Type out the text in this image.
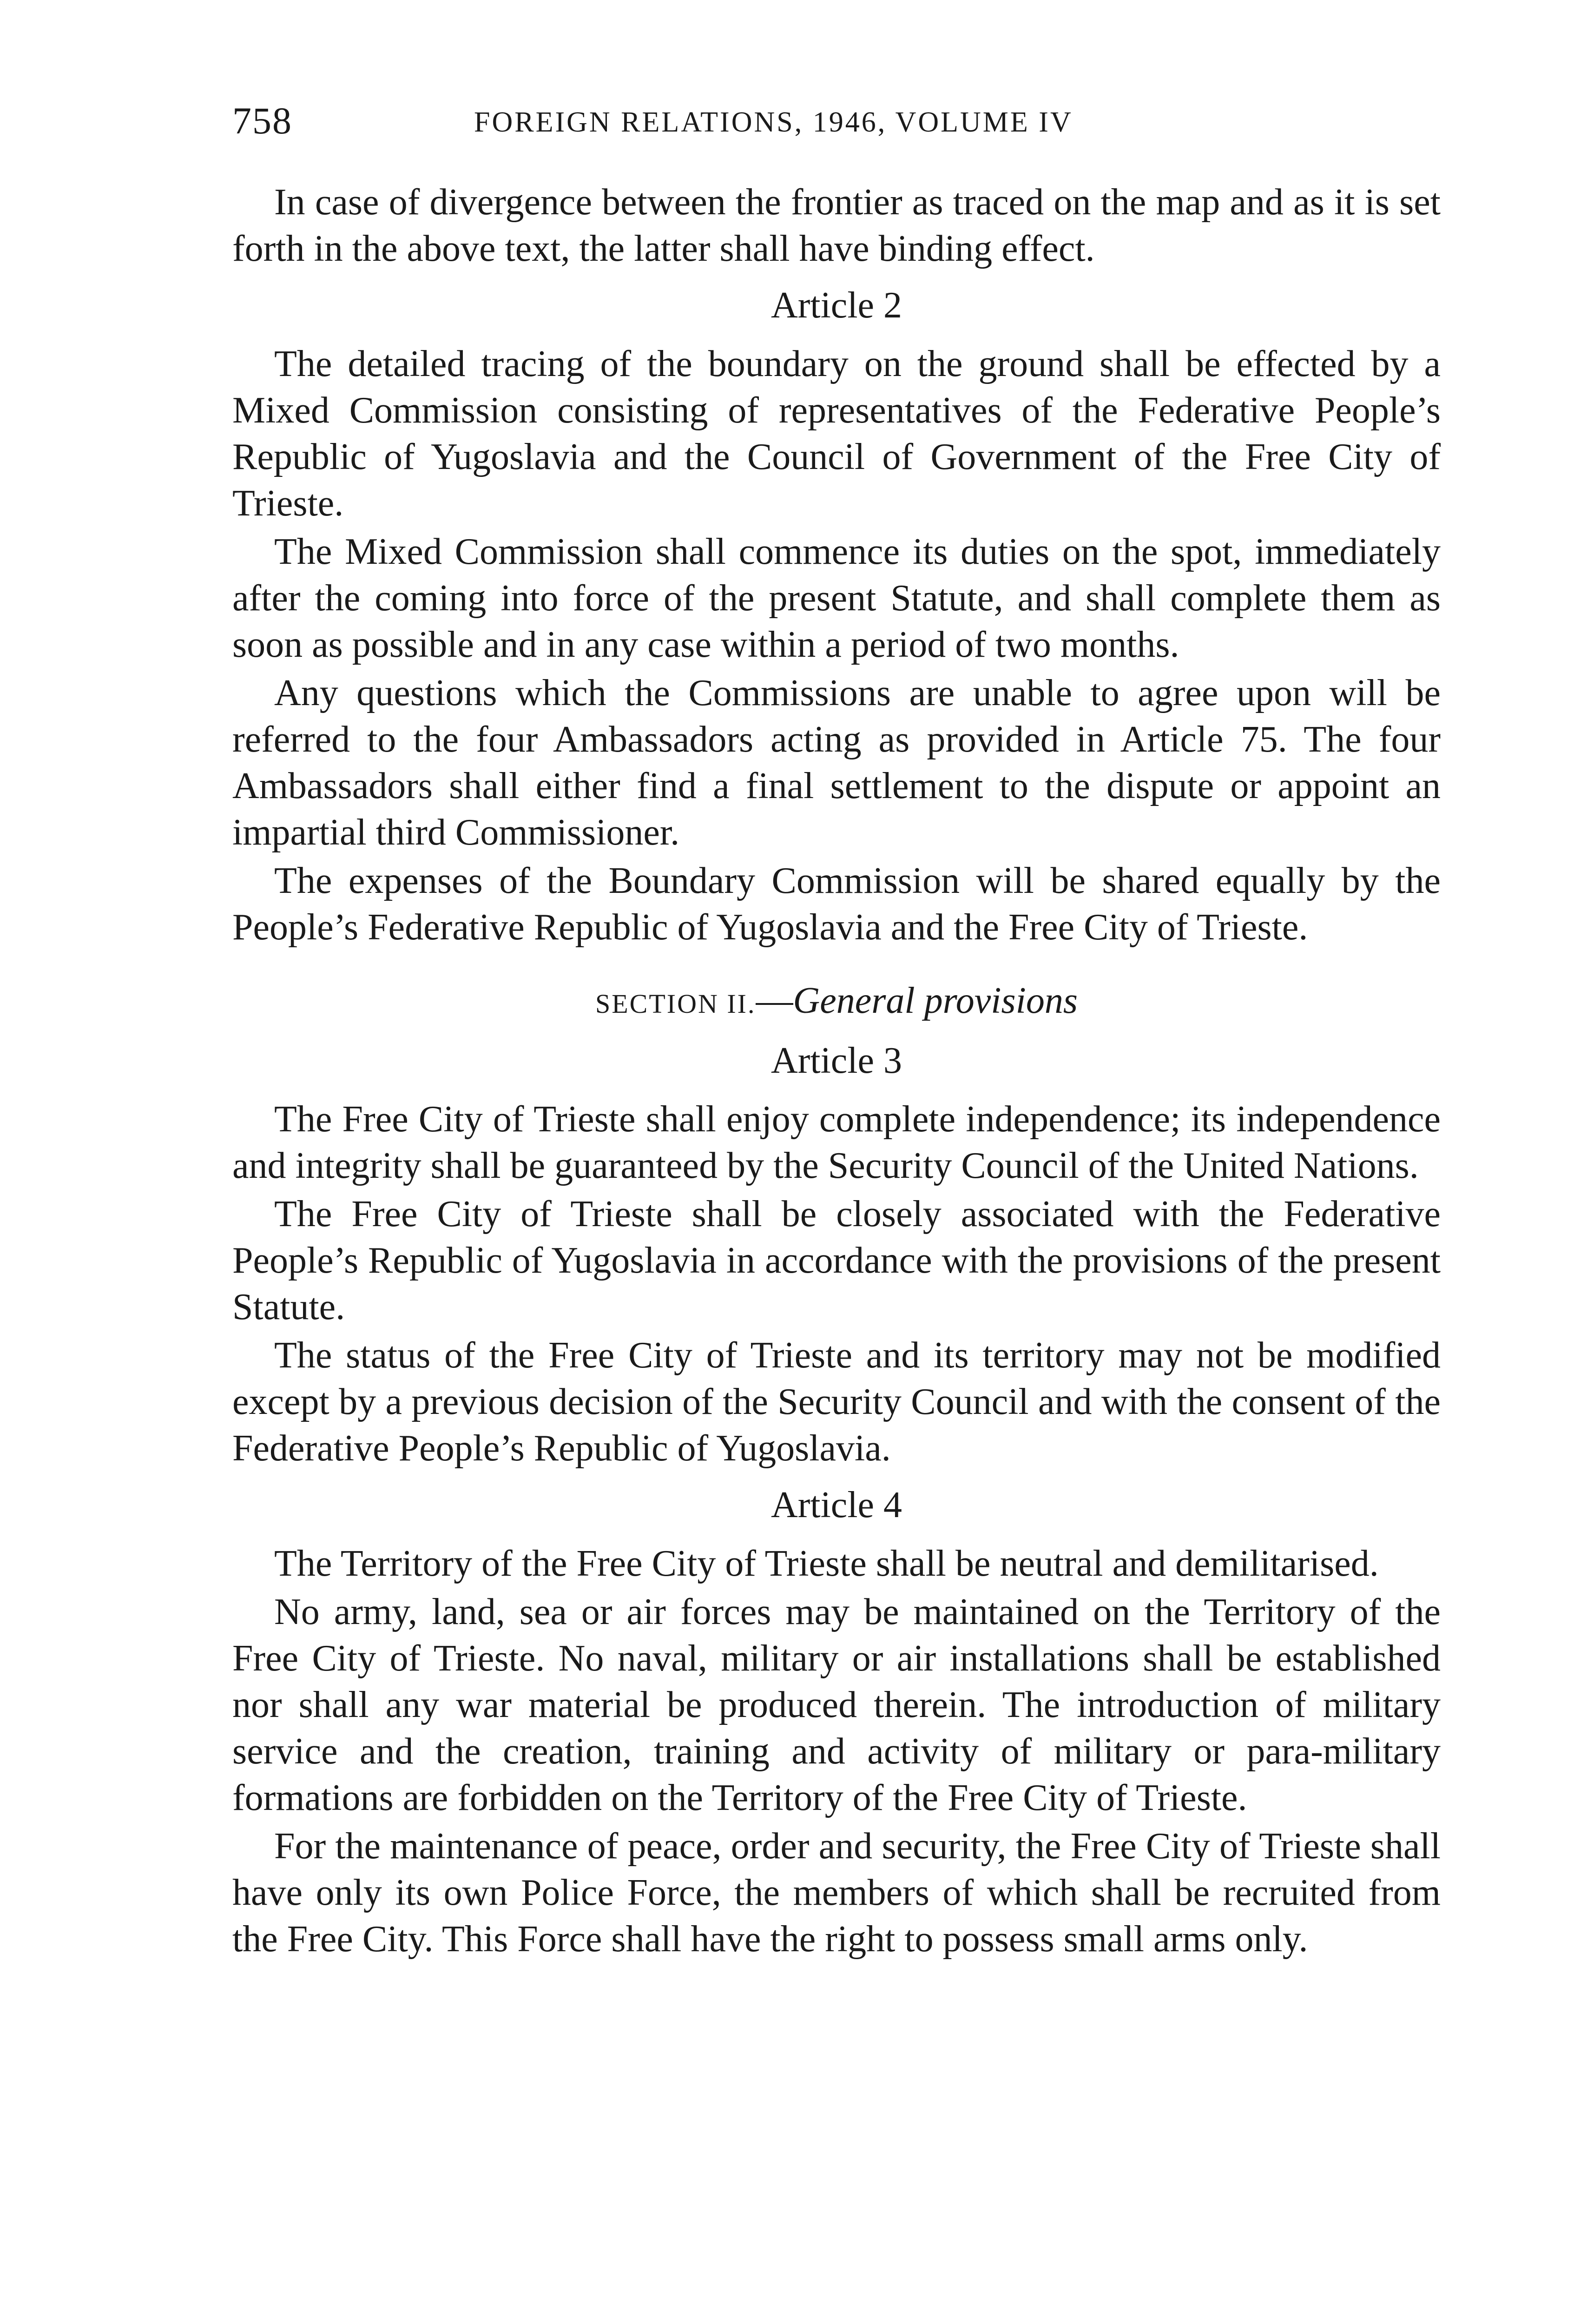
758	FOREIGN RELATIONS, 1946, VOLUME IV

In case of divergence between the frontier as traced on the map and as it is set forth in the above text, the latter shall have binding effect.

Article 2

The detailed tracing of the boundary on the ground shall be effected by a Mixed Commission consisting of representatives of the Federative People’s Republic of Yugoslavia and the Council of Government of the Free City of Trieste.

The Mixed Commission shall commence its duties on the spot, immediately after the coming into force of the present Statute, and shall complete them as soon as possible and in any case within a period of two months.

Any questions which the Commissions are unable to agree upon will be referred to the four Ambassadors acting as provided in Article 75. The four Ambassadors shall either find a final settlement to the dispute or appoint an impartial third Commissioner.

The expenses of the Boundary Commission will be shared equally by the People’s Federative Republic of Yugoslavia and the Free City of Trieste.

SECTION II.—General provisions
Article 3

The Free City of Trieste shall enjoy complete independence; its independence and integrity shall be guaranteed by the Security Council of the United Nations.

The Free City of Trieste shall be closely associated with the Federative People’s Republic of Yugoslavia in accordance with the provisions of the present Statute.

The status of the Free City of Trieste and its territory may not be modified except by a previous decision of the Security Council and with the consent of the Federative People’s Republic of Yugoslavia.

Article 4

The Territory of the Free City of Trieste shall be neutral and demilitarised.

No army, land, sea or air forces may be maintained on the Territory of the Free City of Trieste. No naval, military or air installations shall be established nor shall any war material be produced therein. The introduction of military service and the creation, training and activity of military or para-military formations are forbidden on the Territory of the Free City of Trieste.

For the maintenance of peace, order and security, the Free City of Trieste shall have only its own Police Force, the members of which shall be recruited from the Free City. This Force shall have the right to possess small arms only.
